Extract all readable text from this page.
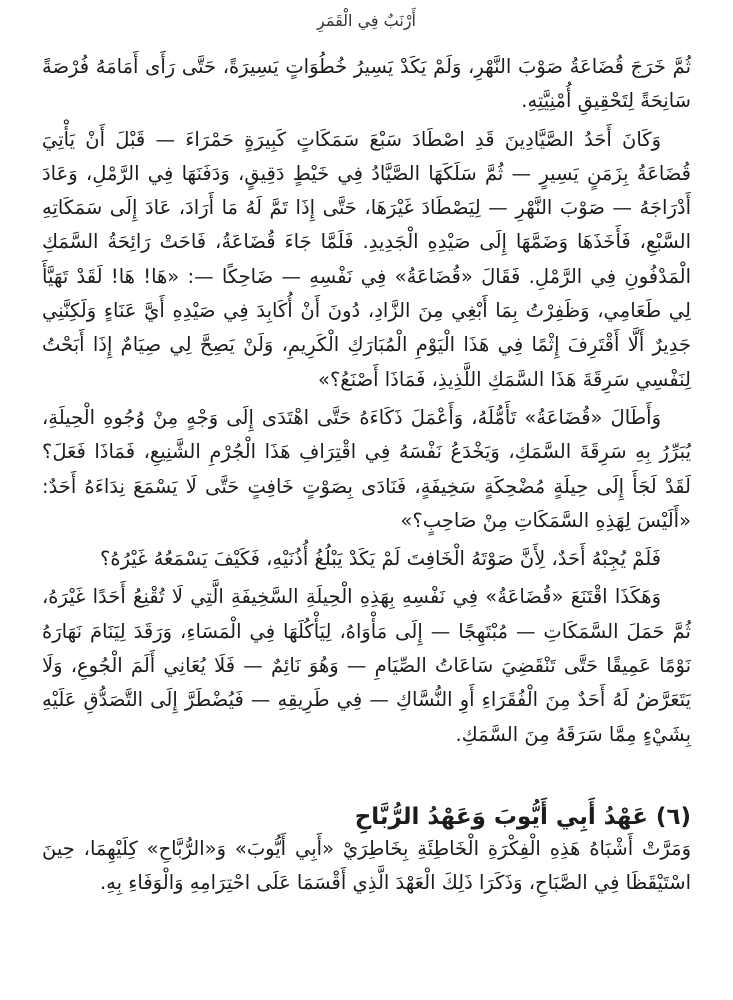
أَرْنَبٌ فِي الْقَمَرِ

ثُمَّ خَرَجَ قُضَاعَةُ صَوْبَ النَّهْرِ، وَلَمْ يَكَدْ يَسِيرُ خُطُوَاتٍ يَسِيرَةً، حَتَّى رَأَى أَمَامَهُ فُرْصَةً سَانِحَةً لِتَحْقِيقِ أُمْنِيَّتِهِ.

وَكَانَ أَحَدُ الصَّيَّادِينَ قَدِ اصْطَادَ سَبْعَ سَمَكَاتٍ كَبِيرَةٍ حَمْرَاءَ — قَبْلَ أَنْ يَأْتِيَ قُضَاعَةُ بِزَمَنٍ يَسِيرٍ — ثُمَّ سَلَكَهَا الصَّيَّادُ فِي خَيْطٍ دَقِيقٍ، وَدَفَنَهَا فِي الرَّمْلِ، وَعَادَ أَدْرَاجَهُ — صَوْبَ النَّهْرِ — لِيَصْطَادَ غَيْرَهَا، حَتَّى إِذَا تَمَّ لَهُ مَا أَرَادَ، عَادَ إِلَى سَمَكَاتِهِ السَّبْعِ، فَأَخَذَهَا وَضَمَّهَا إِلَى صَيْدِهِ الْجَدِيدِ. فَلَمَّا جَاءَ قُضَاعَةُ، فَاحَتْ رَائِحَةُ السَّمَكِ الْمَدْفُونِ فِي الرَّمْلِ. فَقَالَ «قُضَاعَةُ» فِي نَفْسِهِ — ضَاحِكًا —: «هَا! هَا! لَقَدْ تَهَيَّأَ لِي طَعَامِي، وَظَفِرْتُ بِمَا أَبْغِي مِنَ الزَّادِ، دُونَ أَنْ أُكَابِدَ فِي صَيْدِهِ أَيَّ عَنَاءٍ وَلَكِنَّنِي جَدِيرٌ أَلَّا أَقْتَرِفَ إِثْمًا فِي هَذَا الْيَوْمِ الْمُبَارَكِ الْكَرِيمِ، وَلَنْ يَصِحَّ لِي صِيَامٌ إِذَا أَبَحْتُ لِنَفْسِي سَرِقَةَ هَذَا السَّمَكِ اللَّذِيذِ، فَمَاذَا أَصْنَعُ؟»

وَأَطَالَ «قُضَاعَةُ» تَأَمُّلَهُ، وَأَعْمَلَ ذَكَاءَهُ حَتَّى اهْتَدَى إِلَى وَجْهٍ مِنْ وُجُوهِ الْحِيلَةِ، يُبَرِّرُ بِهِ سَرِقَةَ السَّمَكِ، وَيَخْدَعُ نَفْسَهُ فِي اقْتِرَافِ هَذَا الْجُرْمِ الشَّنِيعِ، فَمَاذَا فَعَلَ؟ لَقَدْ لَجَأَ إِلَى حِيلَةٍ مُضْحِكَةٍ سَخِيفَةٍ، فَنَادَى بِصَوْتٍ خَافِتٍ حَتَّى لَا يَسْمَعَ نِدَاءَهُ أَحَدٌ: «أَلَيْسَ لِهَذِهِ السَّمَكَاتِ مِنْ صَاحِبٍ؟»

فَلَمْ يُجِبْهُ أَحَدٌ، لِأَنَّ صَوْتَهُ الْخَافِتَ لَمْ يَكَدْ يَبْلُغُ أُذُنَيْهِ، فَكَيْفَ يَسْمَعُهُ غَيْرُهُ؟

وَهَكَذَا اقْتَنَعَ «قُضَاعَةُ» فِي نَفْسِهِ بِهَذِهِ الْحِيلَةِ السَّخِيفَةِ الَّتِي لَا تُقْنِعُ أَحَدًا غَيْرَهُ، ثُمَّ حَمَلَ السَّمَكَاتِ — مُبْتَهِجًا — إِلَى مَأْوَاهُ، لِيَأْكُلَهَا فِي الْمَسَاءِ، وَرَقَدَ لِيَنَامَ نَهَارَهُ نَوْمًا عَمِيقًا حَتَّى تَنْقَضِيَ سَاعَاتُ الصِّيَامِ — وَهُوَ نَائِمٌ — فَلَا يُعَانِي أَلَمَ الْجُوعِ، وَلَا يَتَعَرَّضُ لَهُ أَحَدٌ مِنَ الْفُقَرَاءِ أَوِ النُّسَّاكِ — فِي طَرِيقِهِ — فَيُضْطَرَّ إِلَى التَّصَدُّقِ عَلَيْهِ بِشَيْءٍ مِمَّا سَرَقَهُ مِنَ السَّمَكِ.

(٦) عَهْدُ أَبِي أَيُّوبَ وَعَهْدُ الرُّبَّاحِ

وَمَرَّتْ أَشْبَاهُ هَذِهِ الْفِكْرَةِ الْخَاطِئَةِ بِخَاطِرَيْ «أَبِي أَيُّوبَ» وَ«الرُّبَّاحِ» كِلَيْهِمَا، حِينَ اسْتَيْقَظَا فِي الصَّبَاحِ، وَذَكَرَا ذَلِكَ الْعَهْدَ الَّذِي أَقْسَمَا عَلَى احْتِرَامِهِ وَالْوَفَاءِ بِهِ.
